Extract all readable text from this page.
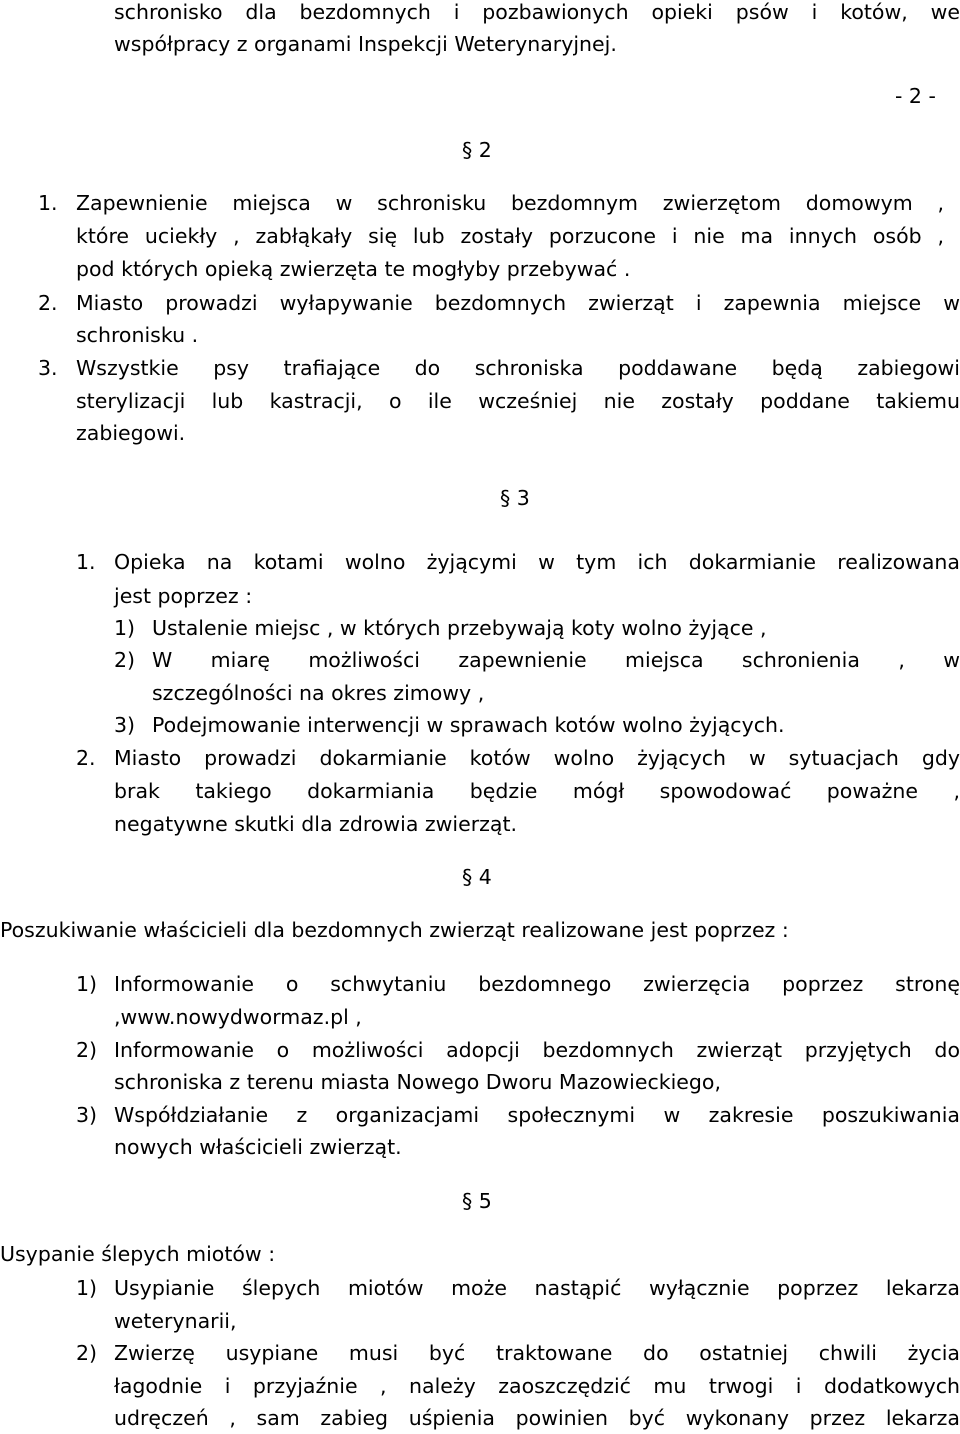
schronisko dla bezdomnych i pozbawionych opieki psów i kotów, we
współpracy z organami Inspekcji Weterynaryjnej.
- 2 -
§ 2
1. Zapewnienie miejsca w schronisku bezdomnym zwierzętom domowym ,
które uciekły , zabłąkały się lub zostały porzucone i nie ma innych osób ,
pod których opieką zwierzęta te mogłyby przebywać .
2. Miasto prowadzi wyłapywanie bezdomnych zwierząt i zapewnia miejsce w
schronisku .
3. Wszystkie psy trafiające do schroniska poddawane będą zabiegowi
sterylizacji lub kastracji, o ile wcześniej nie zostały poddane takiemu
zabiegowi.
§ 3
1. Opieka na kotami wolno żyjącymi w tym ich dokarmianie realizowana
jest poprzez :
1) Ustalenie miejsc , w których przebywają koty wolno żyjące ,
2) W miarę możliwości zapewnienie miejsca schronienia , w
szczególności na okres zimowy ,
3) Podejmowanie interwencji w sprawach kotów wolno żyjących.
2. Miasto prowadzi dokarmianie kotów wolno żyjących w sytuacjach gdy
brak takiego dokarmiania będzie mógł spowodować poważne ,
negatywne skutki dla zdrowia zwierząt.
§ 4
Poszukiwanie właścicieli dla bezdomnych zwierząt realizowane jest poprzez :
1) Informowanie o schwytaniu bezdomnego zwierzęcia poprzez stronę
,www.nowydwormaz.pl ,
2) Informowanie o możliwości adopcji bezdomnych zwierząt przyjętych do
schroniska z terenu miasta Nowego Dworu Mazowieckiego,
3) Współdziałanie z organizacjami społecznymi w zakresie poszukiwania
nowych właścicieli zwierząt.
§ 5
Usypanie ślepych miotów :
1) Usypianie ślepych miotów może nastąpić wyłącznie poprzez lekarza
weterynarii,
2) Zwierzę usypiane musi być traktowane do ostatniej chwili życia
łagodnie i przyjaźnie , należy zaoszczędzić mu trwogi i dodatkowych
udręczeń , sam zabieg uśpienia powinien być wykonany przez lekarza
